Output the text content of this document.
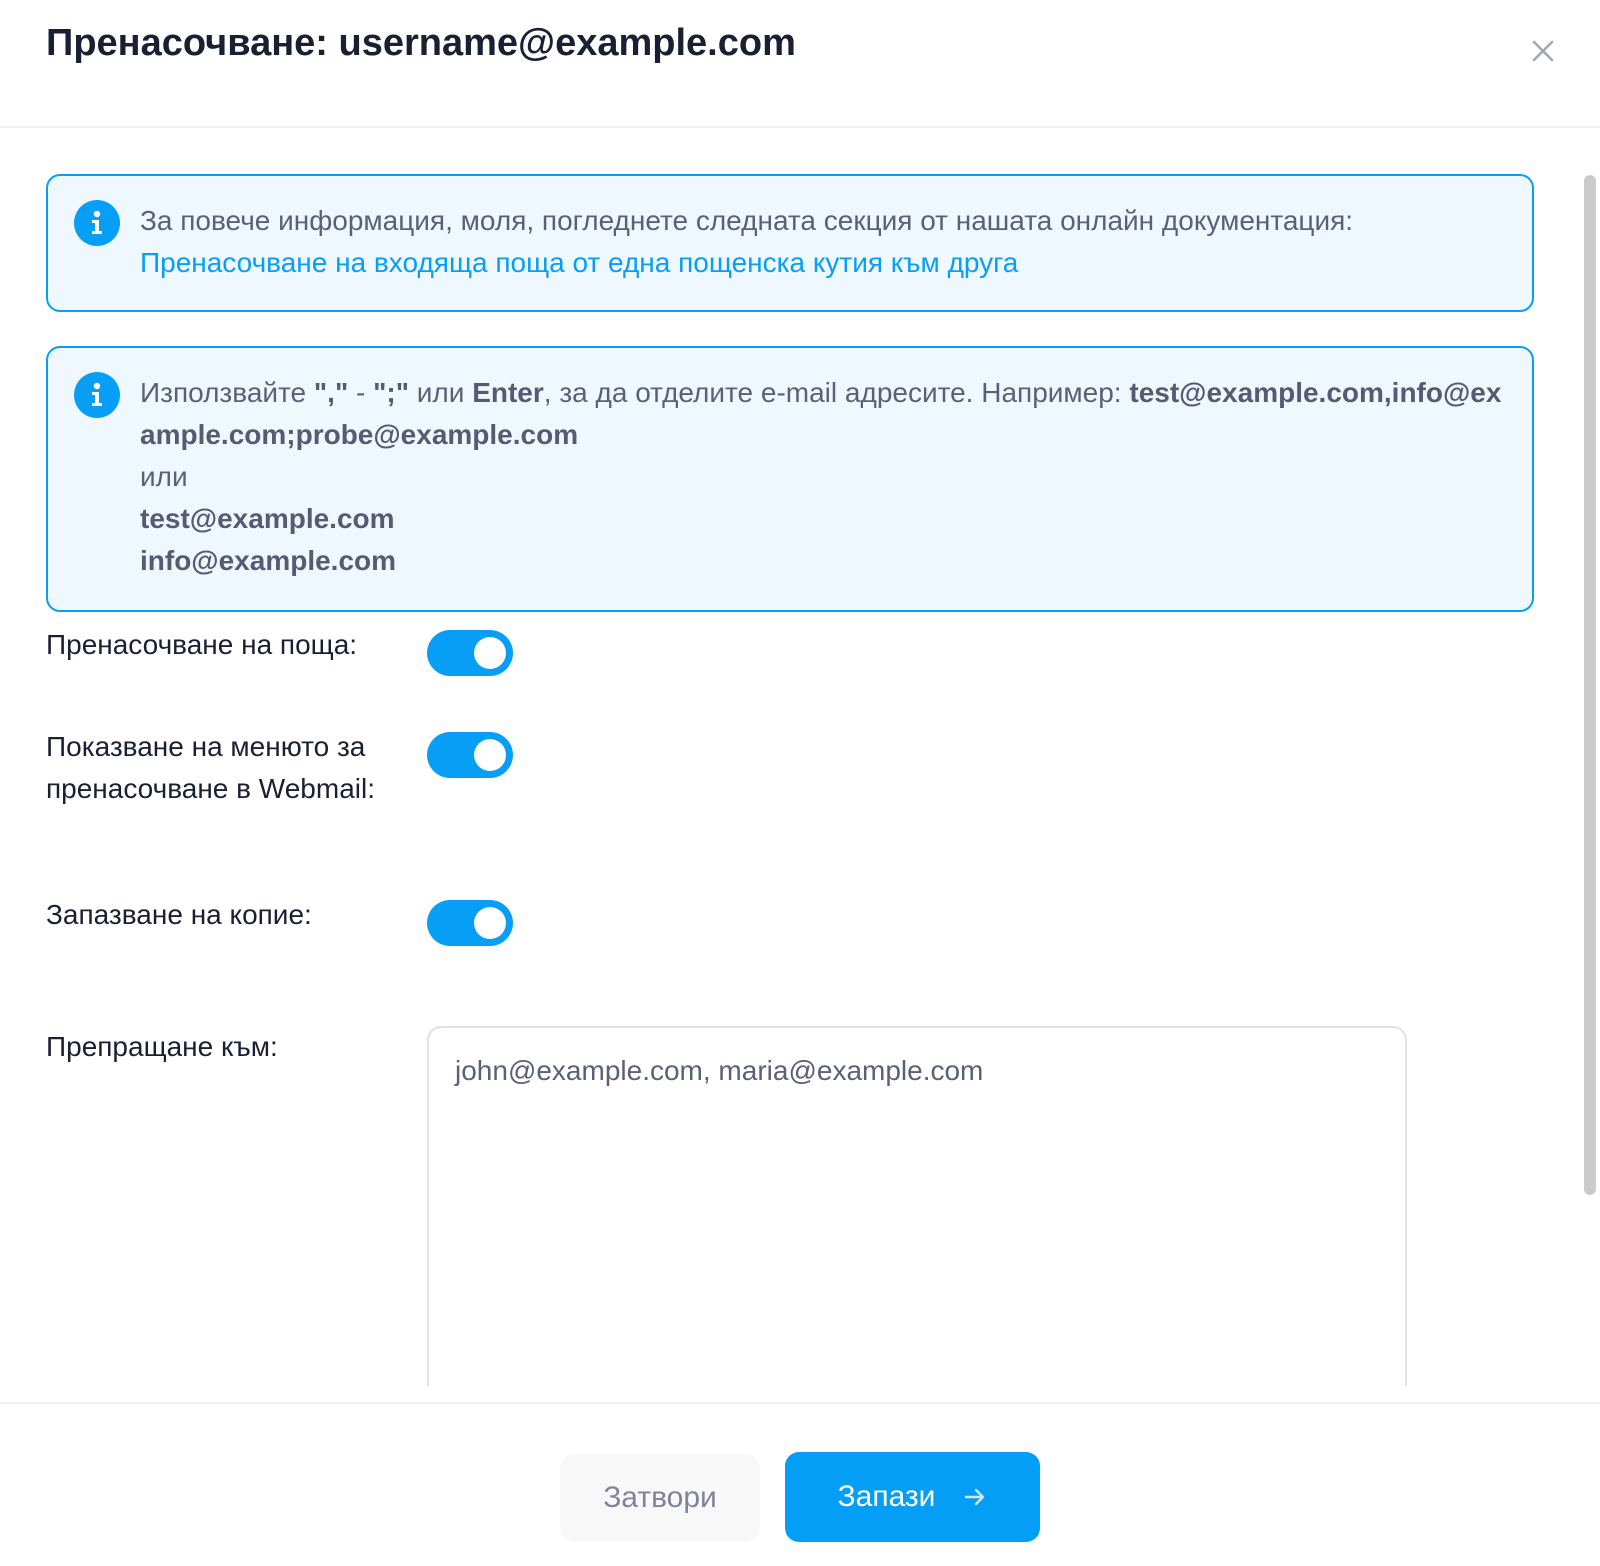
Пренасочване: username@example.com
За повече информация, моля, погледнете следната секция от нашата онлайн документация:
Пренасочване на входяща поща от една пощенска кутия към друга
Използвайте "," - ";" или Enter, за да отделите e-mail адресите. Например: test@example.com,info@example.com;probe@example.com
или
test@example.com
info@example.com
Пренасочване на поща:
Показване на менюто за пренасочване в Webmail:
Запазване на копие:
Препращане към:
john@example.com, maria@example.com
Затвори	Запази
